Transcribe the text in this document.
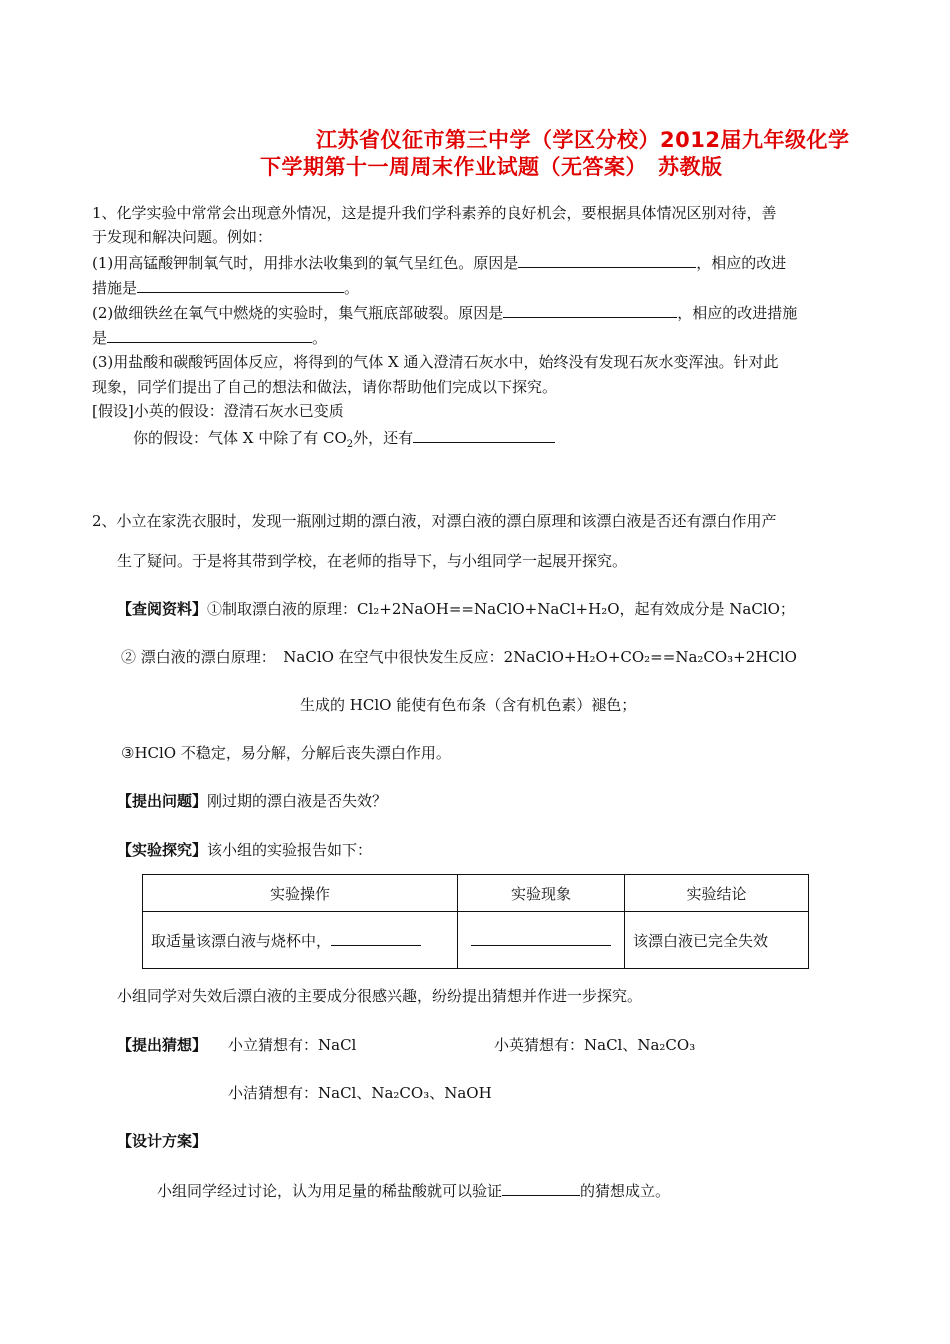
江苏省仪征市第三中学（学区分校）2012届九年级化学
下学期第十一周周末作业试题（无答案）　苏教版
1、化学实验中常常会出现意外情况，这是提升我们学科素养的良好机会，要根据具体情况区别对待，善
于发现和解决问题。例如：
(1)用高锰酸钾制氧气时，用排水法收集到的氧气呈红色。原因是	，相应的改进
措施是	。
(2)做细铁丝在氧气中燃烧的实验时，集气瓶底部破裂。原因是	，相应的改进措施
是	。
(3)用盐酸和碳酸钙固体反应，将得到的气体 X 通入澄清石灰水中，始终没有发现石灰水变浑浊。针对此
现象，同学们提出了自己的想法和做法，请你帮助他们完成以下探究。
[假设]小英的假设：澄清石灰水已变质
你的假设：气体 X 中除了有 $CO_2$外，还有
2、小立在家洗衣服时，发现一瓶刚过期的漂白液，对漂白液的漂白原理和该漂白液是否还有漂白作用产
生了疑问。于是将其带到学校，在老师的指导下，与小组同学一起展开探究。
【查阅资料】①制取漂白液的原理：Cl₂+2NaOH==NaClO+NaCl+H₂O，起有效成分是 NaClO；
② 漂白液的漂白原理：　NaClO 在空气中很快发生反应：2NaClO+H₂O+CO₂==Na₂CO₃+2HClO
生成的 HClO 能使有色布条（含有机色素）褪色；
③HClO 不稳定，易分解，分解后丧失漂白作用。
【提出问题】刚过期的漂白液是否失效？
【实验探究】该小组的实验报告如下：
实验操作	实验现象	实验结论
取适量该漂白液与烧杯中，		该漂白液已完全失效
小组同学对失效后漂白液的主要成分很感兴趣，纷纷提出猜想并作进一步探究。
【提出猜想】 小立猜想有：NaCl	小英猜想有：NaCl、Na₂CO₃
小洁猜想有：NaCl、Na₂CO₃、NaOH
【设计方案】
小组同学经过讨论，认为用足量的稀盐酸就可以验证	的猜想成立。
